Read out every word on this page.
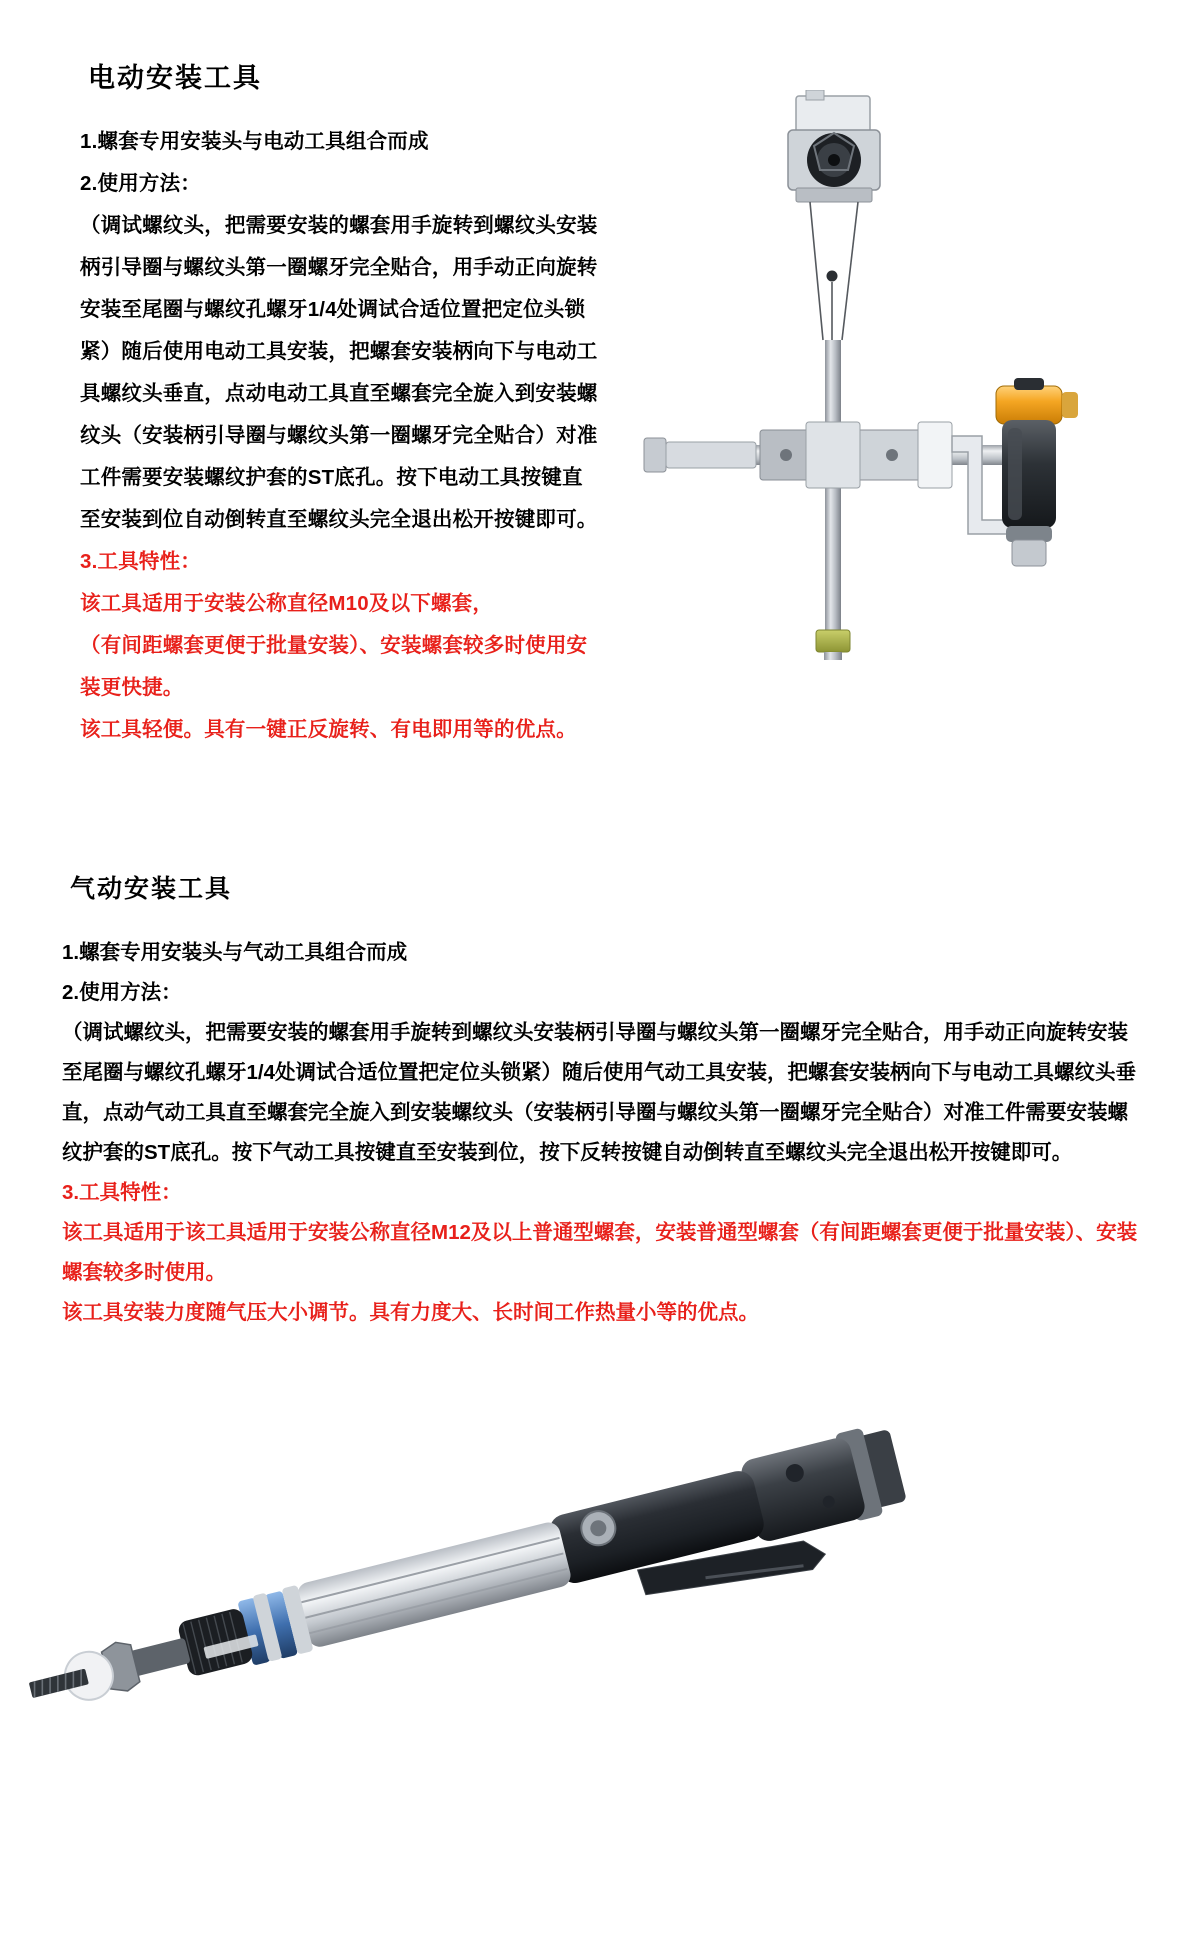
电动安装工具

1.螺套专用安装头与电动工具组合而成

2.使用方法：

（调试螺纹头，把需要安装的螺套用手旋转到螺纹头安装柄引导圈与螺纹头第一圈螺牙完全贴合，用手动正向旋转安装至尾圈与螺纹孔螺牙1/4处调试合适位置把定位头锁紧）随后使用电动工具安装，把螺套安装柄向下与电动工具螺纹头垂直，点动电动工具直至螺套完全旋入到安装螺纹头（安装柄引导圈与螺纹头第一圈螺牙完全贴合）对准工件需要安装螺纹护套的ST底孔。按下电动工具按键直至安装到位自动倒转直至螺纹头完全退出松开按键即可。

3.工具特性：

该工具适用于安装公称直径M10及以下螺套，

（有间距螺套更便于批量安装）、安装螺套较多时使用安装更快捷。

该工具轻便。具有一键正反旋转、有电即用等的优点。

气动安装工具

1.螺套专用安装头与气动工具组合而成

2.使用方法：

（调试螺纹头，把需要安装的螺套用手旋转到螺纹头安装柄引导圈与螺纹头第一圈螺牙完全贴合，用手动正向旋转安装至尾圈与螺纹孔螺牙1/4处调试合适位置把定位头锁紧）随后使用气动工具安装，把螺套安装柄向下与电动工具螺纹头垂直，点动气动工具直至螺套完全旋入到安装螺纹头（安装柄引导圈与螺纹头第一圈螺牙完全贴合）对准工件需要安装螺纹护套的ST底孔。按下气动工具按键直至安装到位，按下反转按键自动倒转直至螺纹头完全退出松开按键即可。

3.工具特性：

该工具适用于该工具适用于安装公称直径M12及以上普通型螺套，安装普通型螺套（有间距螺套更便于批量安装）、安装螺套较多时使用。

该工具安装力度随气压大小调节。具有力度大、长时间工作热量小等的优点。
